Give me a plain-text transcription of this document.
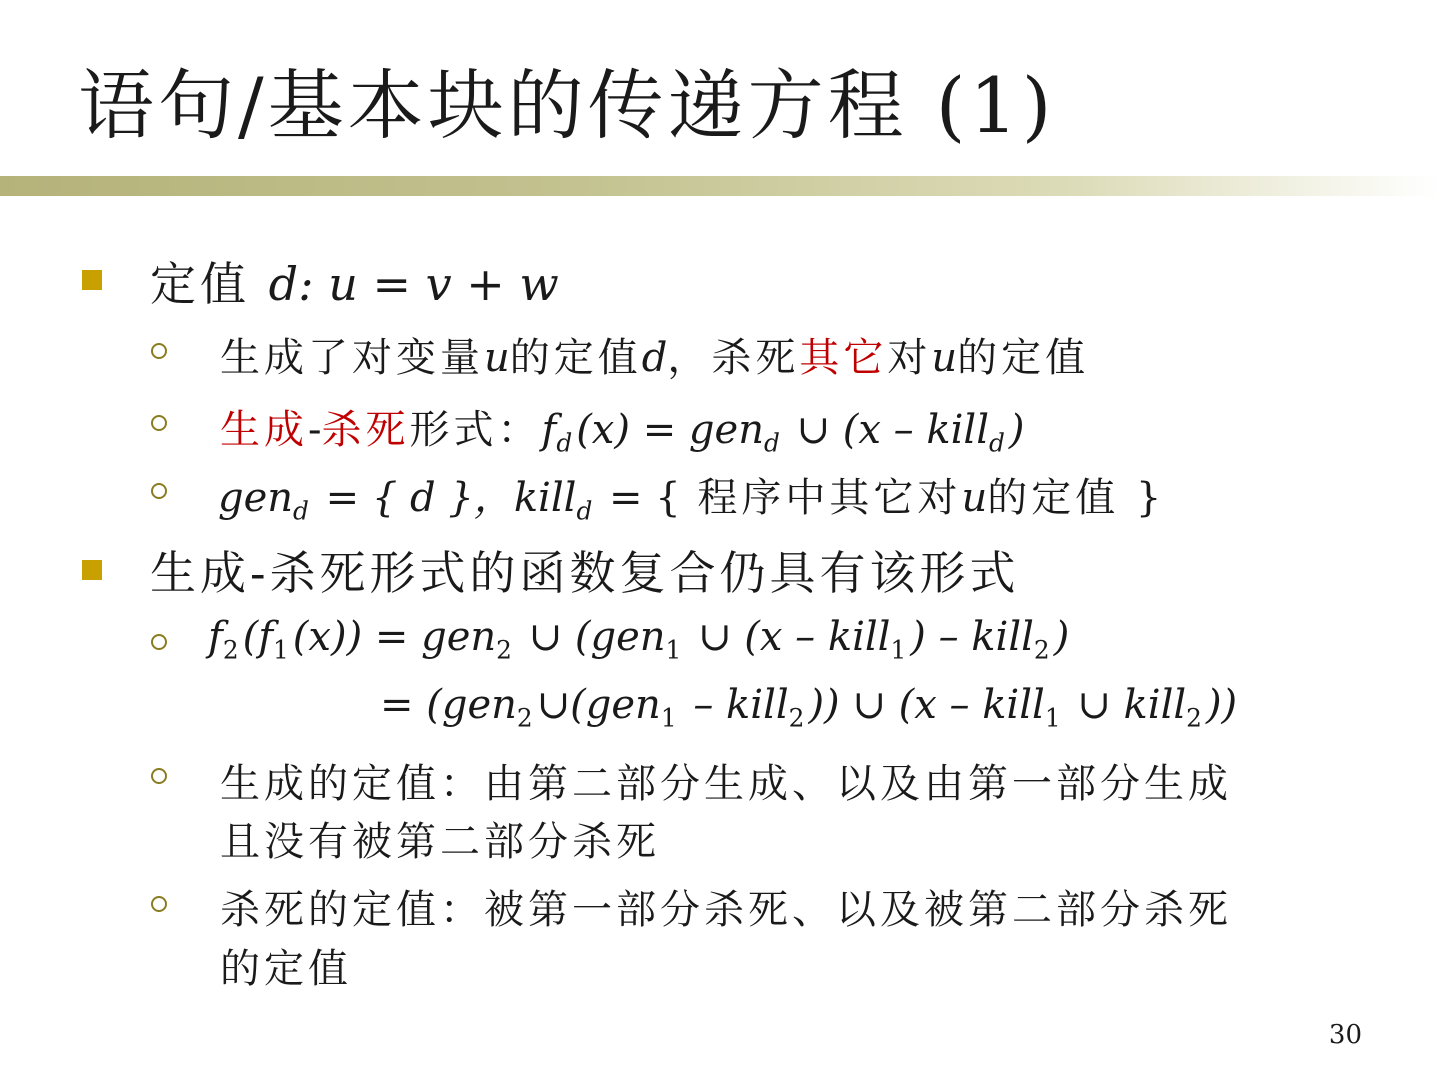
语句/基本块的传递方程 (1)
定值 d: u = v + w
生成了对变量u的定值d，杀死其它对u的定值
生成-杀死形式：$f_d(x) = gen_d$ ∪ (x – kill$_d$)
gen$_d$ = { d }，kill$_d$ = { 程序中其它对u的定值 }
生成-杀死形式的函数复合仍具有该形式
$f_2(f_1(x)) = gen_2$ ∪ (gen$_1$ ∪ (x – kill$_1$) – kill$_2$)
= (gen$_2$∪(gen$_1$ – kill$_2$)) ∪ (x – kill$_1$ ∪ kill$_2$))
生成的定值：由第二部分生成、以及由第一部分生成
且没有被第二部分杀死
杀死的定值：被第一部分杀死、以及被第二部分杀死
的定值
30
